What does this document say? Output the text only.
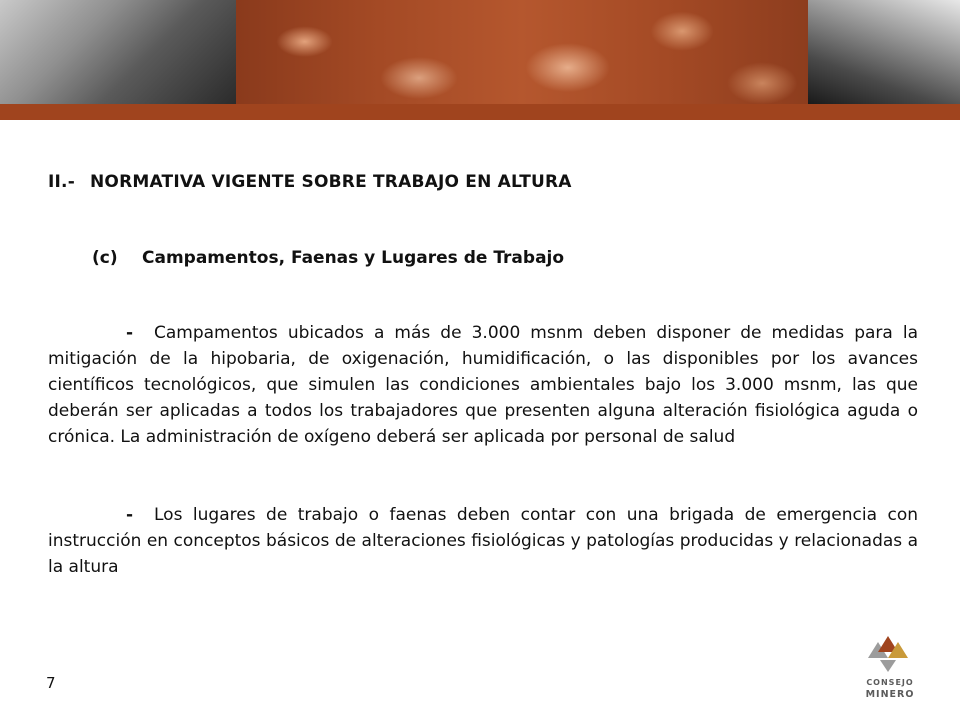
II.- NORMATIVA VIGENTE SOBRE TRABAJO EN ALTURA
(c) Campamentos, Faenas y Lugares de Trabajo
- Campamentos ubicados a más de 3.000 msnm deben disponer de medidas para la mitigación de la hipobaria, de oxigenación, humidificación, o las disponibles por los avances científicos tecnológicos, que simulen las condiciones ambientales bajo los 3.000 msnm, las que deberán ser aplicadas a todos los trabajadores que presenten alguna alteración fisiológica aguda o crónica. La administración de oxígeno deberá ser aplicada por personal de salud
- Los lugares de trabajo o faenas deben contar con una brigada de emergencia con instrucción en conceptos básicos de alteraciones fisiológicas y patologías producidas y relacionadas a la altura
7	CONSEJO
MINERO
